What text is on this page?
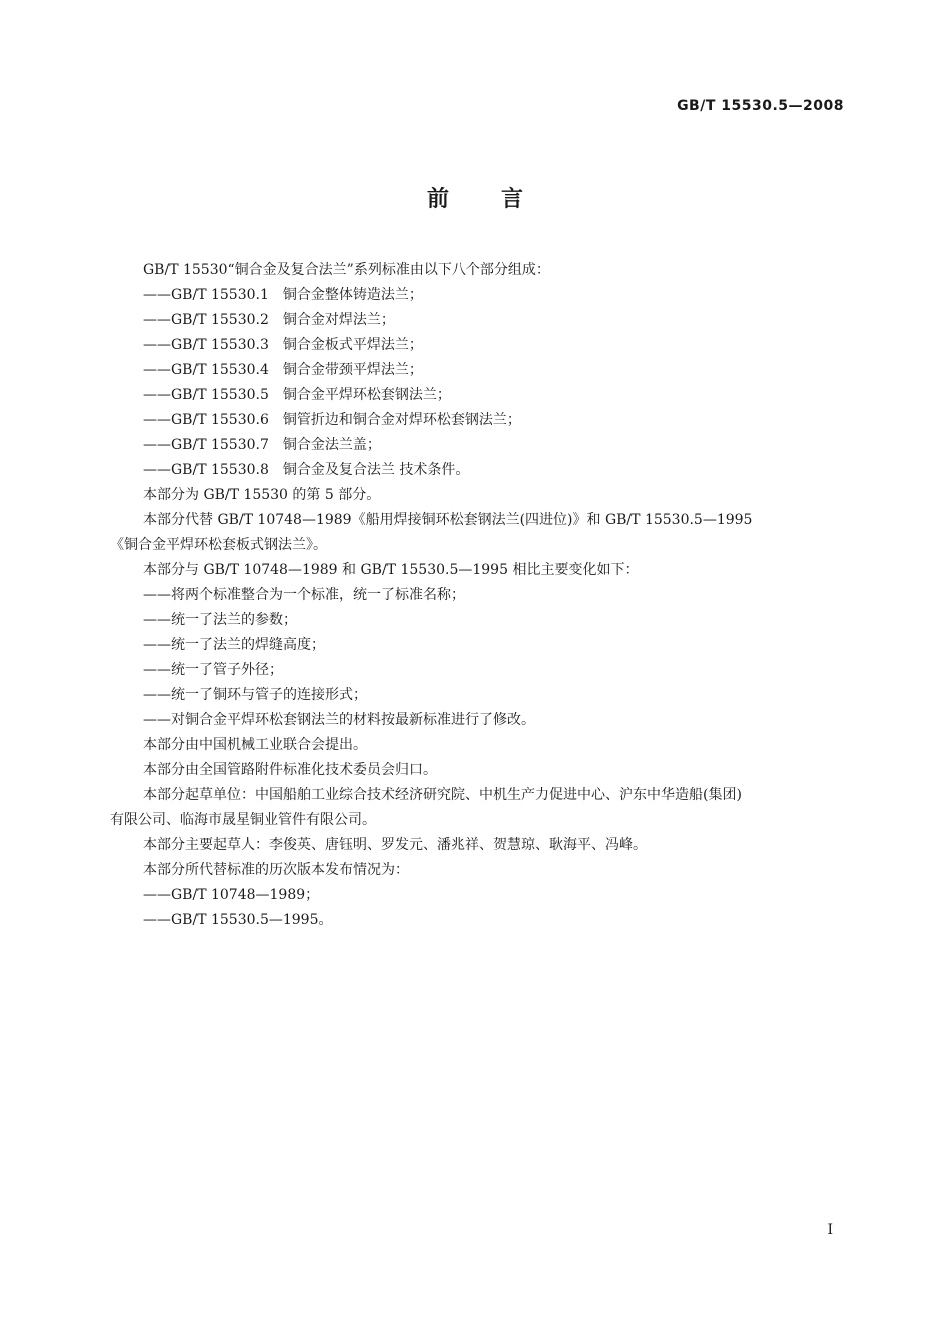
GB/T 15530.5—2008
前言

GB/T 15530“铜合金及复合法兰”系列标准由以下八个部分组成：

——GB/T 15530.1 铜合金整体铸造法兰；

——GB/T 15530.2 铜合金对焊法兰；

——GB/T 15530.3 铜合金板式平焊法兰；

——GB/T 15530.4 铜合金带颈平焊法兰；

——GB/T 15530.5 铜合金平焊环松套钢法兰；

——GB/T 15530.6 铜管折边和铜合金对焊环松套钢法兰；

——GB/T 15530.7 铜合金法兰盖；

——GB/T 15530.8 铜合金及复合法兰 技术条件。

本部分为 GB/T 15530 的第 5 部分。

本部分代替 GB/T 10748—1989《船用焊接铜环松套钢法兰(四进位)》和 GB/T 15530.5—1995

《铜合金平焊环松套板式钢法兰》。

本部分与 GB/T 10748—1989 和 GB/T 15530.5—1995 相比主要变化如下：

——将两个标准整合为一个标准，统一了标准名称；

——统一了法兰的参数；

——统一了法兰的焊缝高度；

——统一了管子外径；

——统一了铜环与管子的连接形式；

——对铜合金平焊环松套钢法兰的材料按最新标准进行了修改。

本部分由中国机械工业联合会提出。

本部分由全国管路附件标准化技术委员会归口。

本部分起草单位：中国船舶工业综合技术经济研究院、中机生产力促进中心、沪东中华造船(集团)

有限公司、临海市晟星铜业管件有限公司。

本部分主要起草人：李俊英、唐钰明、罗发元、潘兆祥、贺慧琼、耿海平、冯峰。

本部分所代替标准的历次版本发布情况为：

——GB/T 10748—1989；

——GB/T 15530.5—1995。

I
